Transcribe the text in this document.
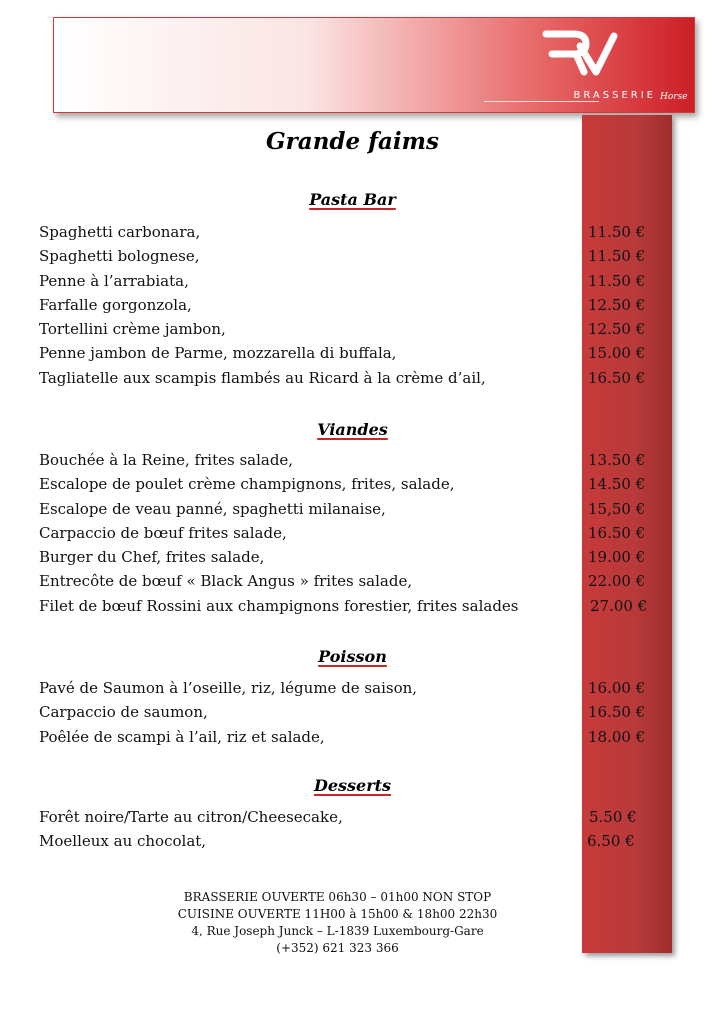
BRASSERIE Horse
Grande faims
Pasta Bar
Spaghetti carbonara,	11.50 €
Spaghetti bolognese,	11.50 €
Penne à l’arrabiata,	11.50 €
Farfalle gorgonzola,	12.50 €
Tortellini crème jambon,	12.50 €
Penne jambon de Parme, mozzarella di buffala,	15.00 €
Tagliatelle aux scampis flambés au Ricard à la crème d’ail,	16.50 €
Viandes
Bouchée à la Reine, frites salade,	13.50 €
Escalope de poulet crème champignons, frites, salade,	14.50 €
Escalope de veau panné, spaghetti milanaise,	15,50 €
Carpaccio de bœuf frites salade,	16.50 €
Burger du Chef, frites salade,	19.00 €
Entrecôte de bœuf « Black Angus » frites salade,	22.00 €
Filet de bœuf Rossini aux champignons forestier, frites salades	27.00 €
Poisson
Pavé de Saumon à l’oseille, riz, légume de saison,	16.00 €
Carpaccio de saumon,	16.50 €
Poêlée de scampi à l’ail, riz et salade,	18.00 €
Desserts
Forêt noire/Tarte au citron/Cheesecake,	5.50 €
Moelleux au chocolat,	6.50 €
BRASSERIE OUVERTE 06h30 – 01h00 NON STOP
CUISINE OUVERTE 11H00 à 15h00 & 18h00 22h30
4, Rue Joseph Junck – L-1839 Luxembourg-Gare
(+352) 621 323 366
